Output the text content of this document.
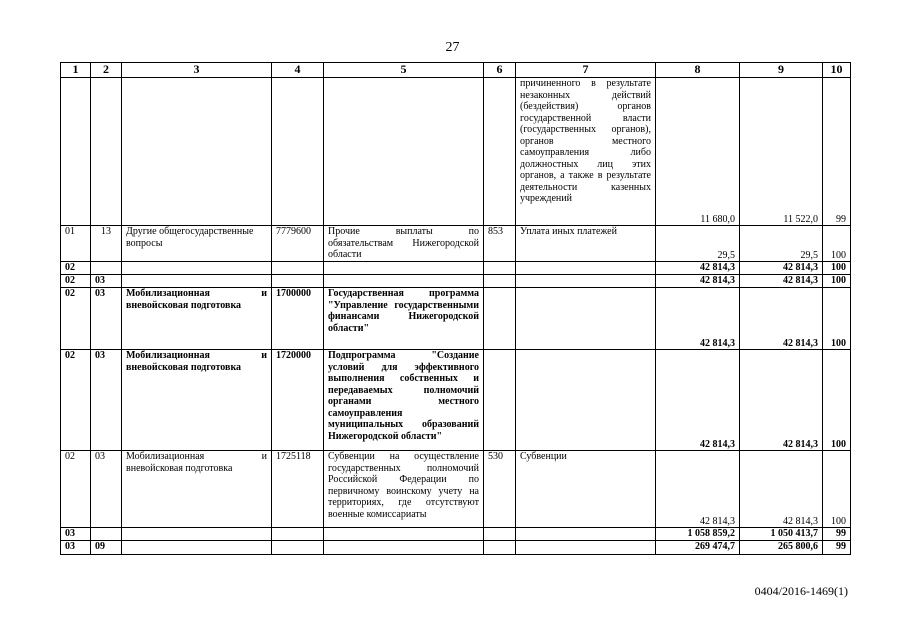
27
1	2	3	4	5	6	7	8	9	10
						причиненного в результате незаконных действий (бездействия) органов государственной власти (государственных органов), органов местного самоуправления либо должностных лиц этих органов, а также в результате деятельности казенных учреждений	11 680,0	11 522,0	99
01	13	Другие общегосударственные вопросы	7779600	Прочие выплаты по обязательствам Нижегородской области	853	Уплата иных платежей	29,5	29,5	100
02							42 814,3	42 814,3	100
02	03						42 814,3	42 814,3	100
02	03	Мобилизационная и вневойсковая подготовка	1700000	Государственная программа "Управление государственными финансами Нижегородской области"			42 814,3	42 814,3	100
02	03	Мобилизационная и вневойсковая подготовка	1720000	Подпрограмма "Создание условий для эффективного выполнения собственных и передаваемых полномочий органами местного самоуправления муниципальных образований Нижегородской области"			42 814,3	42 814,3	100
02	03	Мобилизационная и вневойсковая подготовка	1725118	Субвенции на осуществление государственных полномочий Российской Федерации по первичному воинскому учету на территориях, где отсутствуют военные комиссариаты	530	Субвенции	42 814,3	42 814,3	100
03							1 058 859,2	1 050 413,7	99
03	09						269 474,7	265 800,6	99
0404/2016-1469(1)
